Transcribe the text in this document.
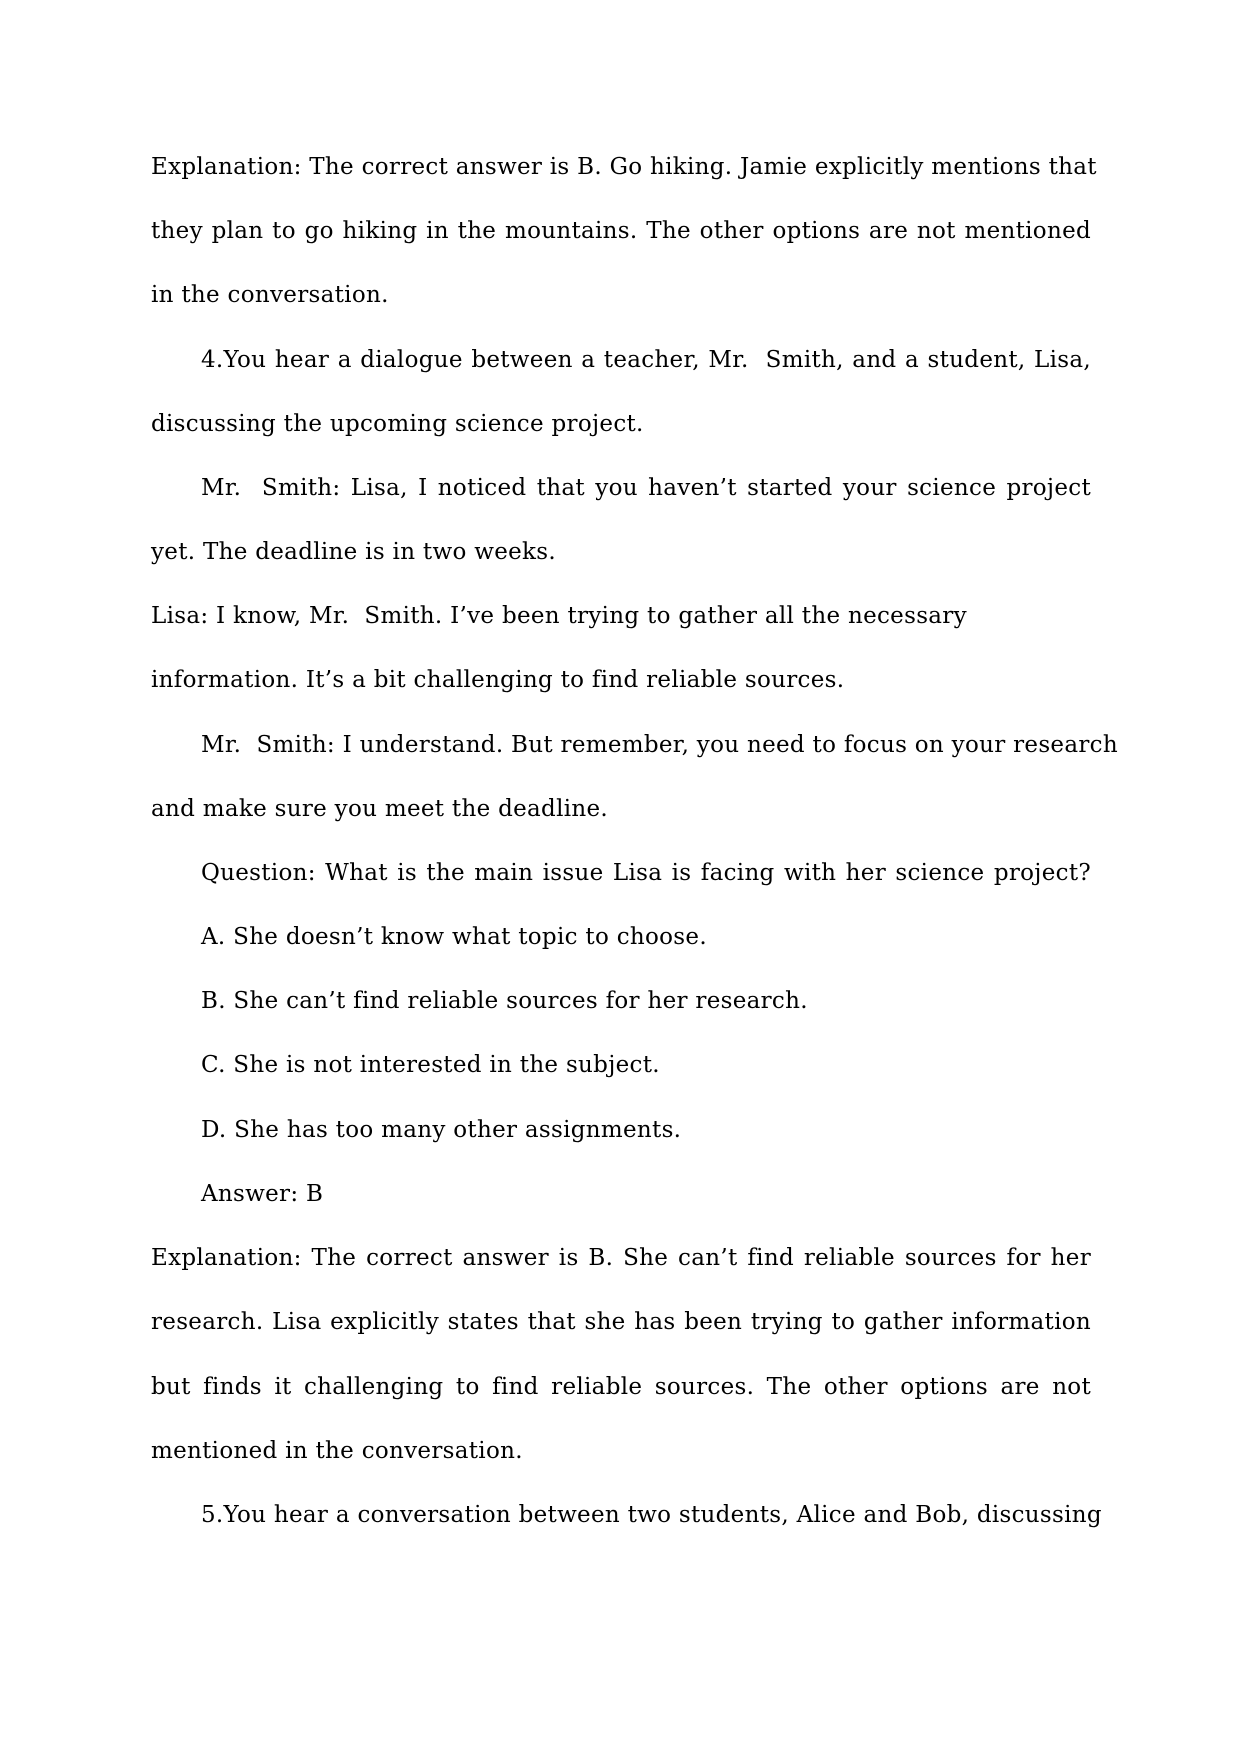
Explanation: The correct answer is B. Go hiking. Jamie explicitly mentions that
they plan to go hiking in the mountains. The other options are not mentioned
in the conversation.
4.You hear a dialogue between a teacher, Mr.  Smith, and a student, Lisa,
discussing the upcoming science project.
Mr.  Smith: Lisa, I noticed that you haven’t started your science project
yet. The deadline is in two weeks.
Lisa: I know, Mr.  Smith. I’ve been trying to gather all the necessary
information. It’s a bit challenging to find reliable sources.
Mr.  Smith: I understand. But remember, you need to focus on your research
and make sure you meet the deadline.
Question: What is the main issue Lisa is facing with her science project?
A. She doesn’t know what topic to choose.
B. She can’t find reliable sources for her research.
C. She is not interested in the subject.
D. She has too many other assignments.
Answer: B
Explanation: The correct answer is B. She can’t find reliable sources for her
research. Lisa explicitly states that she has been trying to gather information
but finds it challenging to find reliable sources. The other options are not
mentioned in the conversation.
5.You hear a conversation between two students, Alice and Bob, discussing
